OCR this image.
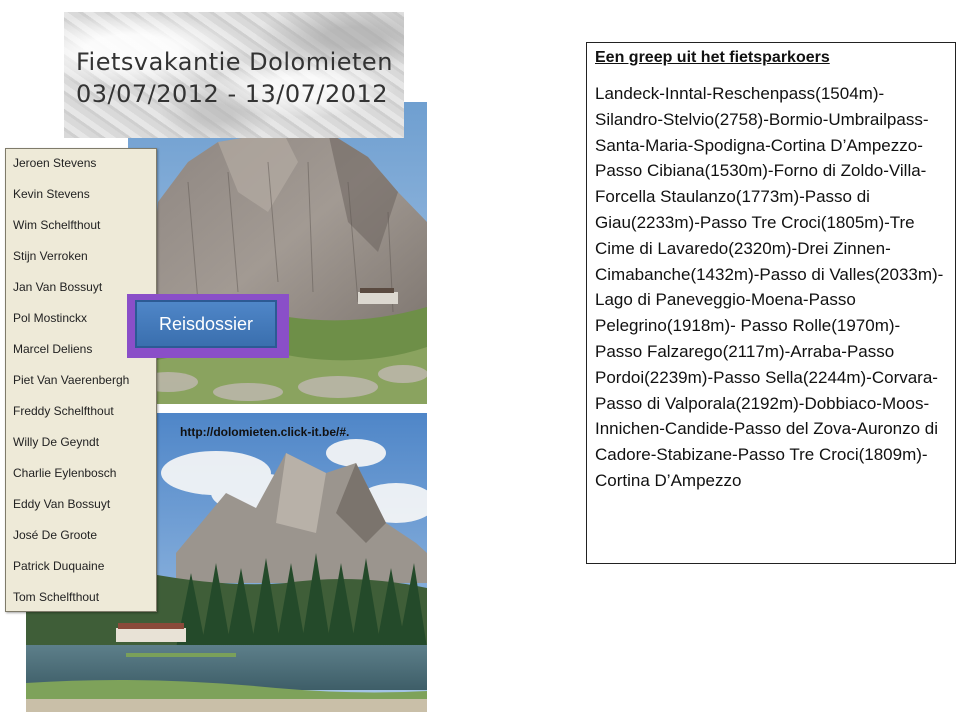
Fietsvakantie Dolomieten
03/07/2012 - 13/07/2012
http://dolomieten.click-it.be/#.
Jeroen Stevens
Kevin Stevens
Wim Schelfthout
Stijn Verroken
Jan Van Bossuyt
Pol Mostinckx
Marcel Deliens
Piet Van Vaerenbergh
Freddy Schelfthout
Willy De Geyndt
Charlie Eylenbosch
Eddy Van Bossuyt
José De Groote
Patrick Duquaine
Tom Schelfthout
Reisdossier

Een greep uit het fietsparkoers

Landeck-Inntal-Reschenpass(1504m)-Silandro-Stelvio(2758)-Bormio-Umbrailpass-Santa-Maria-Spodigna-Cortina D’Ampezzo-Passo Cibiana(1530m)-Forno di Zoldo-Villa-Forcella Staulanzo(1773m)-Passo di Giau(2233m)-Passo Tre Croci(1805m)-Tre Cime di Lavaredo(2320m)-Drei Zinnen-Cimabanche(1432m)-Passo di Valles(2033m)-Lago di Paneveggio-Moena-Passo Pelegrino(1918m)- Passo Rolle(1970m)-Passo Falzarego(2117m)-Arraba-Passo Pordoi(2239m)-Passo Sella(2244m)-Corvara- Passo di Valporala(2192m)-Dobbiaco-Moos-Innichen-Candide-Passo del Zova-Auronzo di Cadore-Stabizane-Passo Tre Croci(1809m)- Cortina D’Ampezzo
